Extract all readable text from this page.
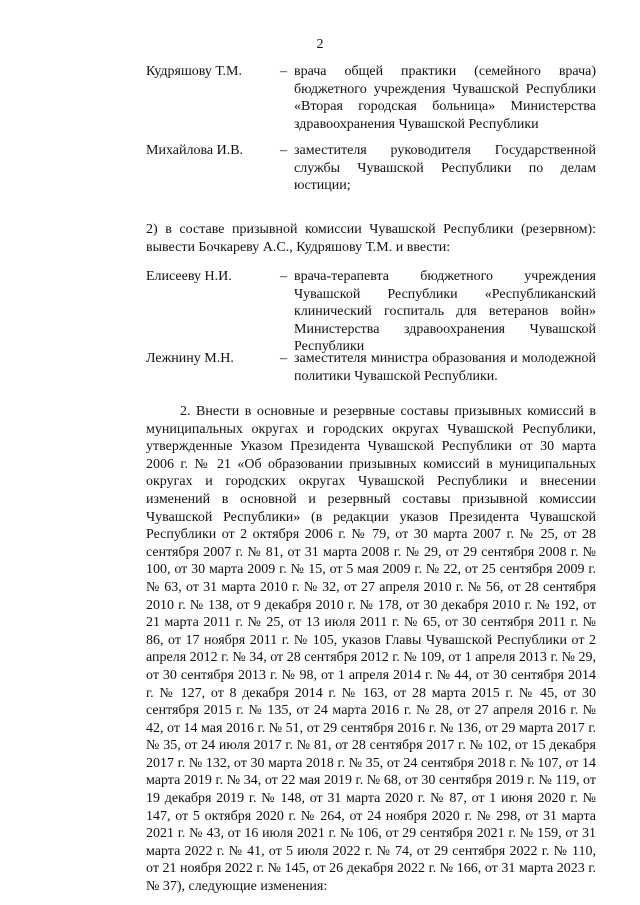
2
Кудряшову Т.М.	– врача общей практики (семейного врача) бюджетного учреждения Чувашской Республики «Вторая городская больница» Министерства здравоохранения Чувашской Республики
Михайлова И.В.	– заместителя руководителя Государственной службы Чувашской Республики по делам юстиции;
2) в составе призывной комиссии Чувашской Республики (резервном): вывести Бочкареву А.С., Кудряшову Т.М. и ввести:
Елисееву Н.И.	– врача-терапевта бюджетного учреждения Чувашской Республики «Республиканский клинический госпиталь для ветеранов войн» Министерства здравоохранения Чувашской Республики
Лежнину М.Н.	– заместителя министра образования и молодежной политики Чувашской Республики.
2. Внести в основные и резервные составы призывных комиссий в муниципальных округах и городских округах Чувашской Республики, утвержденные Указом Президента Чувашской Республики от 30 марта 2006 г. № 21 «Об образовании призывных комиссий в муниципальных округах и городских округах Чувашской Республики и внесении изменений в основной и резервный составы призывной комиссии Чувашской Республики» (в редакции указов Президента Чувашской Республики от 2 октября 2006 г. № 79, от 30 марта 2007 г. № 25, от 28 сентября 2007 г. № 81, от 31 марта 2008 г. № 29, от 29 сентября 2008 г. № 100, от 30 марта 2009 г. № 15, от 5 мая 2009 г. № 22, от 25 сентября 2009 г. № 63, от 31 марта 2010 г. № 32, от 27 апреля 2010 г. № 56, от 28 сентября 2010 г. № 138, от 9 декабря 2010 г. № 178, от 30 декабря 2010 г. № 192, от 21 марта 2011 г. № 25, от 13 июля 2011 г. № 65, от 30 сентября 2011 г. № 86, от 17 ноября 2011 г. № 105, указов Главы Чувашской Республики от 2 апреля 2012 г. № 34, от 28 сентября 2012 г. № 109, от 1 апреля 2013 г. № 29, от 30 сентября 2013 г. № 98, от 1 апреля 2014 г. № 44, от 30 сентября 2014 г. № 127, от 8 декабря 2014 г. № 163, от 28 марта 2015 г. № 45, от 30 сентября 2015 г. № 135, от 24 марта 2016 г. № 28, от 27 апреля 2016 г. № 42, от 14 мая 2016 г. № 51, от 29 сентября 2016 г. № 136, от 29 марта 2017 г. № 35, от 24 июля 2017 г. № 81, от 28 сентября 2017 г. № 102, от 15 декабря 2017 г. № 132, от 30 марта 2018 г. № 35, от 24 сентября 2018 г. № 107, от 14 марта 2019 г. № 34, от 22 мая 2019 г. № 68, от 30 сентября 2019 г. № 119, от 19 декабря 2019 г. № 148, от 31 марта 2020 г. № 87, от 1 июня 2020 г. № 147, от 5 октября 2020 г. № 264, от 24 ноября 2020 г. № 298, от 31 марта 2021 г. № 43, от 16 июля 2021 г. № 106, от 29 сентября 2021 г. № 159, от 31 марта 2022 г. № 41, от 5 июля 2022 г. № 74, от 29 сентября 2022 г. № 110, от 21 ноября 2022 г. № 145, от 26 декабря 2022 г. № 166, от 31 марта 2023 г. № 37), следующие изменения:
